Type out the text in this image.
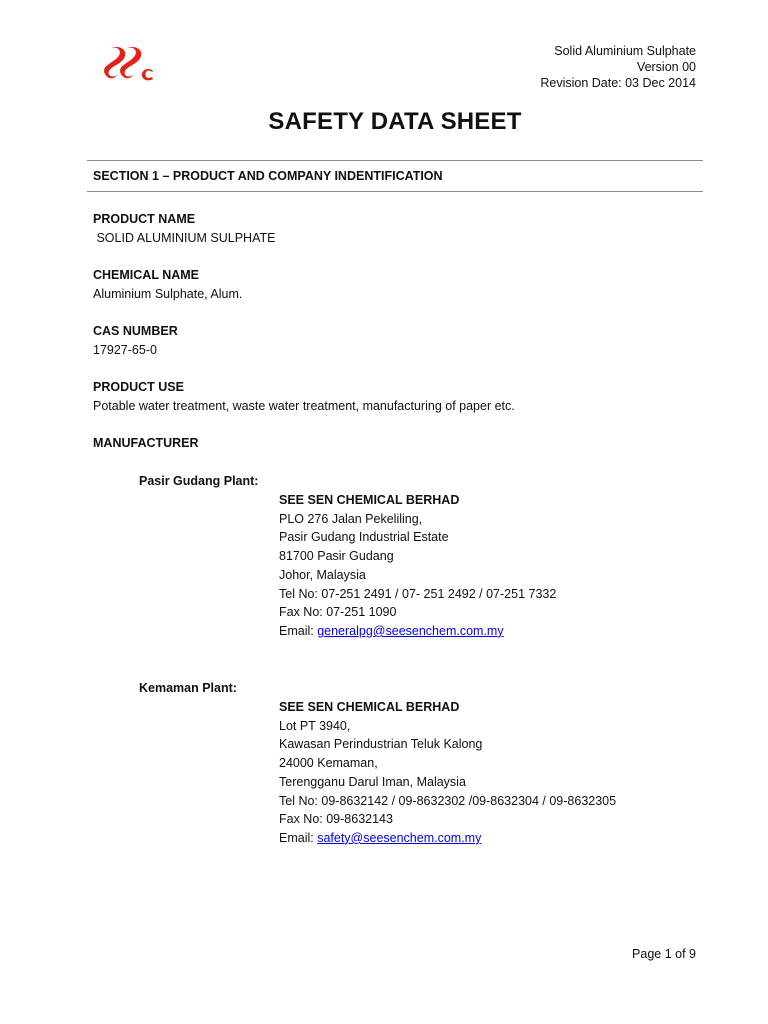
Solid Aluminium Sulphate
Version 00
Revision Date: 03 Dec 2014
SAFETY DATA SHEET
SECTION 1 – PRODUCT AND COMPANY INDENTIFICATION
PRODUCT NAME
SOLID ALUMINIUM SULPHATE
CHEMICAL NAME
Aluminium Sulphate, Alum.
CAS NUMBER
17927-65-0
PRODUCT USE
Potable water treatment, waste water treatment, manufacturing of paper etc.
MANUFACTURER
Pasir Gudang Plant:
SEE SEN CHEMICAL BERHAD
PLO 276 Jalan Pekeliling,
Pasir Gudang Industrial Estate
81700 Pasir Gudang
Johor, Malaysia
Tel No: 07-251 2491 / 07- 251 2492 / 07-251 7332
Fax No: 07-251 1090
Email: generalpg@seesenchem.com.my
Kemaman Plant:
SEE SEN CHEMICAL BERHAD
Lot PT 3940,
Kawasan Perindustrian Teluk Kalong
24000 Kemaman,
Terengganu Darul Iman, Malaysia
Tel No: 09-8632142 / 09-8632302 /09-8632304 / 09-8632305
Fax No: 09-8632143
Email: safety@seesenchem.com.my
Page 1 of 9
